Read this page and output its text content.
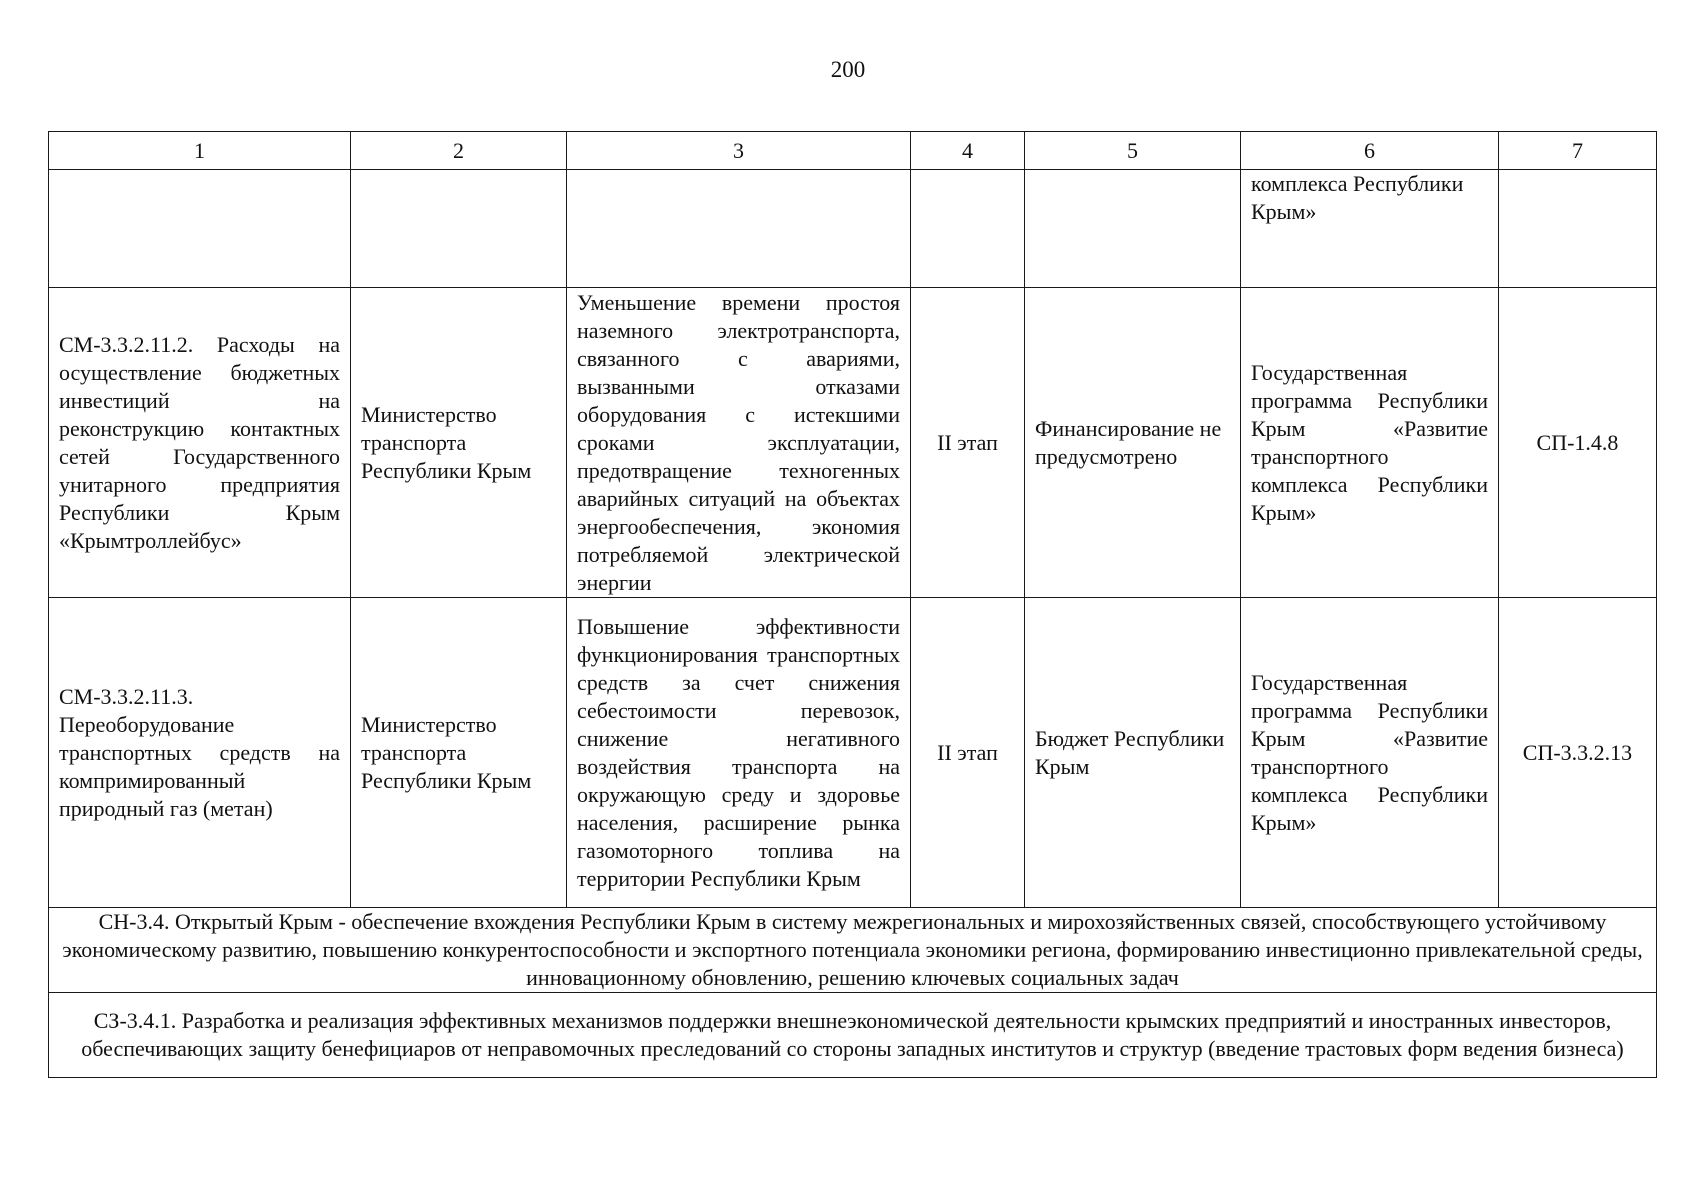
200
1	2	3	4	5	6	7
					комплекса Республики Крым»	
СМ-3.3.2.11.2. Расходы на осуществление бюджетных инвестиций на реконструкцию контактных сетей Государственного унитарного предприятия Республики Крым «Крымтроллейбус»	Министерство транспорта Республики Крым	Уменьшение времени простоя наземного электротранспорта, связанного с авариями, вызванными отказами оборудования с истекшими сроками эксплуатации, предотвращение техногенных аварийных ситуаций на объектах энергообеспечения, экономия потребляемой электрической энергии	II этап	Финансирование не предусмотрено	Государственная программа Республики Крым «Развитие транспортного комплекса Республики Крым»	СП-1.4.8
СМ-3.3.2.11.3. Переоборудование транспортных средств на компримированный природный газ (метан)	Министерство транспорта Республики Крым	Повышение эффективности функционирования транспортных средств за счет снижения себестоимости перевозок, снижение негативного воздействия транспорта на окружающую среду и здоровье населения, расширение рынка газомоторного топлива на территории Республики Крым	II этап	Бюджет Республики Крым	Государственная программа Республики Крым «Развитие транспортного комплекса Республики Крым»	СП-3.3.2.13
СН-3.4. Открытый Крым - обеспечение вхождения Республики Крым в систему межрегиональных и мирохозяйственных связей, способствующего устойчивому экономическому развитию, повышению конкурентоспособности и экспортного потенциала экономики региона, формированию инвестиционно привлекательной среды, инновационному обновлению, решению ключевых социальных задач						
СЗ-3.4.1. Разработка и реализация эффективных механизмов поддержки внешнеэкономической деятельности крымских предприятий и иностранных инвесторов, обеспечивающих защиту бенефициаров от неправомочных преследований со стороны западных институтов и структур (введение трастовых форм ведения бизнеса)						
